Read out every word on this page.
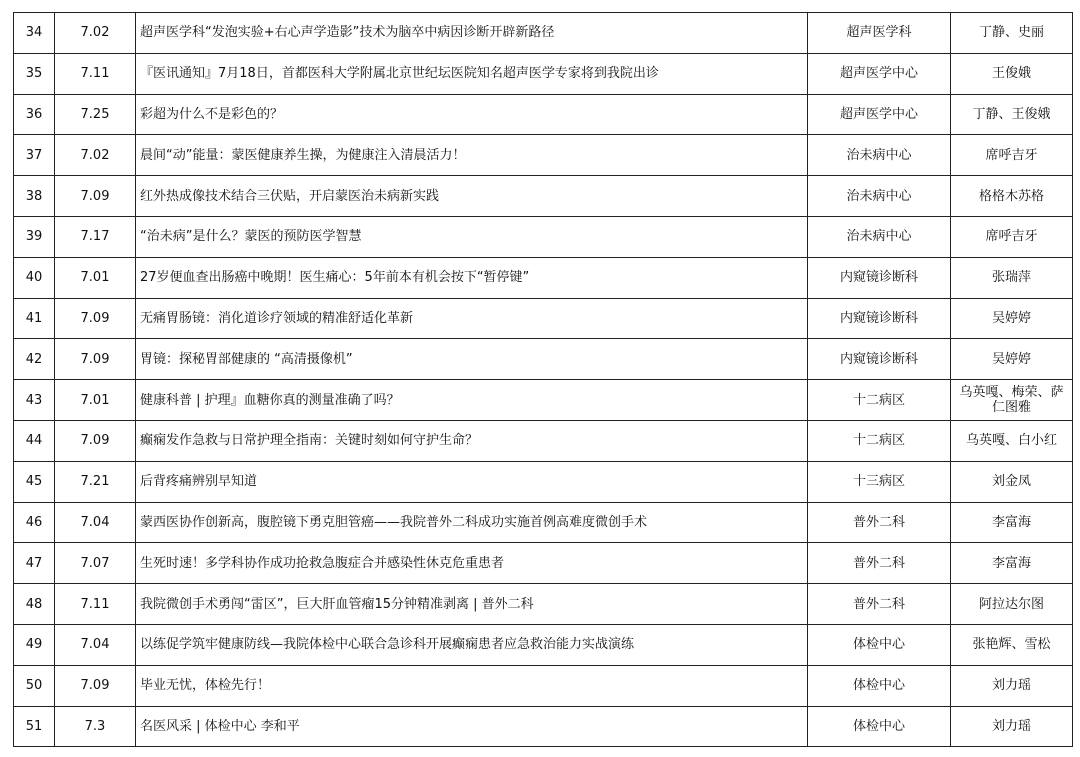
34	7.02	超声医学科“发泡实验+右心声学造影”技术为脑卒中病因诊断开辟新路径	超声医学科	丁静、史丽
35	7.11	『医讯通知』7月18日，首都医科大学附属北京世纪坛医院知名超声医学专家将到我院出诊	超声医学中心	王俊娥
36	7.25	彩超为什么不是彩色的？	超声医学中心	丁静、王俊娥
37	7.02	晨间“动”能量：蒙医健康养生操，为健康注入清晨活力！	治未病中心	席呼吉牙
38	7.09	红外热成像技术结合三伏贴，开启蒙医治未病新实践	治未病中心	格格木苏格
39	7.17	“治未病”是什么？蒙医的预防医学智慧	治未病中心	席呼吉牙
40	7.01	27岁便血查出肠癌中晚期！医生痛心：5年前本有机会按下“暂停键”	内窥镜诊断科	张瑞萍
41	7.09	无痛胃肠镜：消化道诊疗领域的精准舒适化革新	内窥镜诊断科	吴婷婷
42	7.09	胃镜：探秘胃部健康的 “高清摄像机”	内窥镜诊断科	吴婷婷
43	7.01	健康科普 | 护理』血糖你真的测量准确了吗？	十二病区	乌英嘎、梅荣、萨仁图雅
44	7.09	癫痫发作急救与日常护理全指南：关键时刻如何守护生命？	十二病区	乌英嘎、白小红
45	7.21	后背疼痛辨别早知道	十三病区	刘金凤
46	7.04	蒙西医协作创新高，腹腔镜下勇克胆管癌——我院普外二科成功实施首例高难度微创手术	普外二科	李富海
47	7.07	生死时速！多学科协作成功抢救急腹症合并感染性休克危重患者	普外二科	李富海
48	7.11	我院微创手术勇闯“雷区”，巨大肝血管瘤15分钟精准剥离 | 普外二科	普外二科	阿拉达尔图
49	7.04	以练促学筑牢健康防线—我院体检中心联合急诊科开展癫痫患者应急救治能力实战演练	体检中心	张艳辉、雪松
50	7.09	毕业无忧，体检先行！	体检中心	刘力瑶
51	7.3	名医风采 | 体检中心 李和平	体检中心	刘力瑶
